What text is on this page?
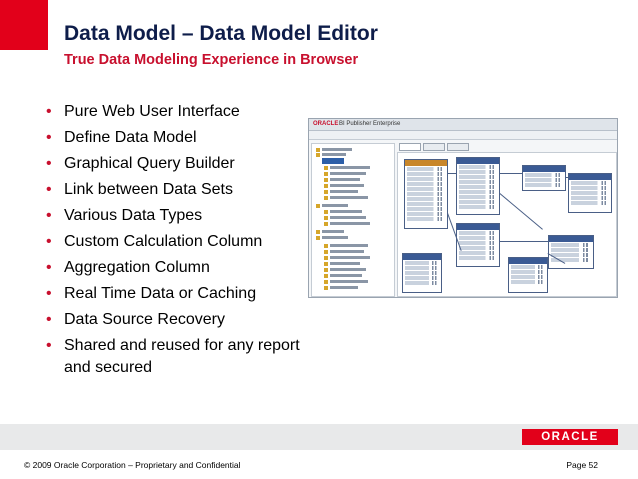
Data Model – Data Model Editor
True Data Modeling Experience in Browser
• Pure Web User Interface
• Define Data Model
• Graphical Query Builder
• Link between Data Sets
• Various Data Types
• Custom Calculation Column
• Aggregation Column
• Real Time Data or Caching
• Data Source Recovery
• Shared and reused for any report and secured
ORACLE BI Publisher Enterprise
ORACLE
© 2009 Oracle Corporation – Proprietary and Confidential	Page 52
